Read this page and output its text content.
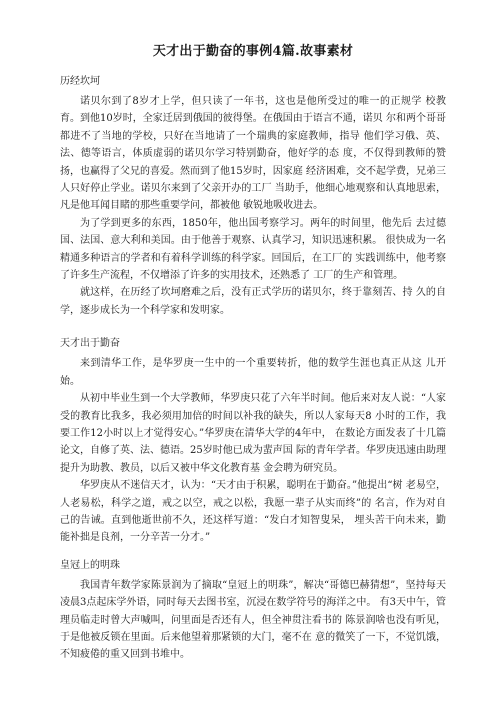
天才出于勤奋的事例4篇.故事素材
历经坎坷

诺贝尔到了8岁才上学，但只读了一年书，这也是他所受过的唯一的正规学 校教育。到他10岁时，全家迁居到俄国的彼得堡。在俄国由于语言不通，诺贝 尔和两个哥哥都进不了当地的学校，只好在当地请了一个瑞典的家庭教师，指导 他们学习俄、英、法、德等语言，体质虚弱的诺贝尔学习特别勤奋，他好学的态 度，不仅得到教师的赞扬，也赢得了父兄的喜爱。然而到了他15岁时，因家庭 经济困难，交不起学费，兄弟三人只好停止学业。诺贝尔来到了父亲开办的工厂 当助手，他细心地观察和认真地思索，凡是他耳闻目睹的那些重要学问，都被他 敏锐地吸收进去。

为了学到更多的东西，1850年，他出国考察学习。两年的时间里，他先后 去过德国、法国、意大利和美国。由于他善于观察、认真学习，知识迅速积累。 很快成为一名精通多种语言的学者和有着科学训练的科学家。回国后，在工厂的 实践训练中，他考察了许多生产流程，不仅增添了许多的实用技术，还熟悉了 工厂的生产和管理。

就这样，在历经了坎坷磨难之后，没有正式学历的诺贝尔，终于靠刻苦、持 久的自学，逐步成长为一个科学家和发明家。

天才出于勤奋

来到清华工作，是华罗庚一生中的一个重要转折，他的数学生涯也真正从这 儿开始。

从初中毕业生到一个大学教师，华罗庚只花了六年半时间。他后来对友人说：“人家受的教育比我多，我必须用加倍的时间以补我的缺失，所以人家每天8 小时的工作，我要工作12小时以上才觉得安心。”华罗庚在清华大学的4年中， 在数论方面发表了十几篇论文，自修了英、法、德语。25岁时他已成为蜚声国 际的青年学者。华罗庚迅速由助理提升为助教、教员，以后又被中华文化教育基 金会聘为研究员。

华罗庚从不迷信天才，认为：“天才由于积累，聪明在于勤奋。”他提出“树 老易空，人老易松，科学之道，戒之以空，戒之以松，我愿一辈子从实而终”的 名言，作为对自己的告诫。直到他逝世前不久，还这样写道：“发白才知智叟呆， 埋头苦干向未来，勤能补拙是良剂，一分辛苦一分才。”

皇冠上的明珠

我国青年数学家陈景润为了摘取“皇冠上的明珠”，解决“哥德巴赫猜想”，坚持每天凌晨3点起床学外语，同时每天去图书室，沉浸在数学符号的海洋之中。 有3天中午，管理员临走时曾大声喊叫，问里面是否还有人，但全神贯注看书的 陈景润啥也没有听见，于是他被反锁在里面。后来他望着那紧锁的大门，毫不在 意的微笑了一下，不觉饥饿，不知疲倦的重又回到书堆中。
